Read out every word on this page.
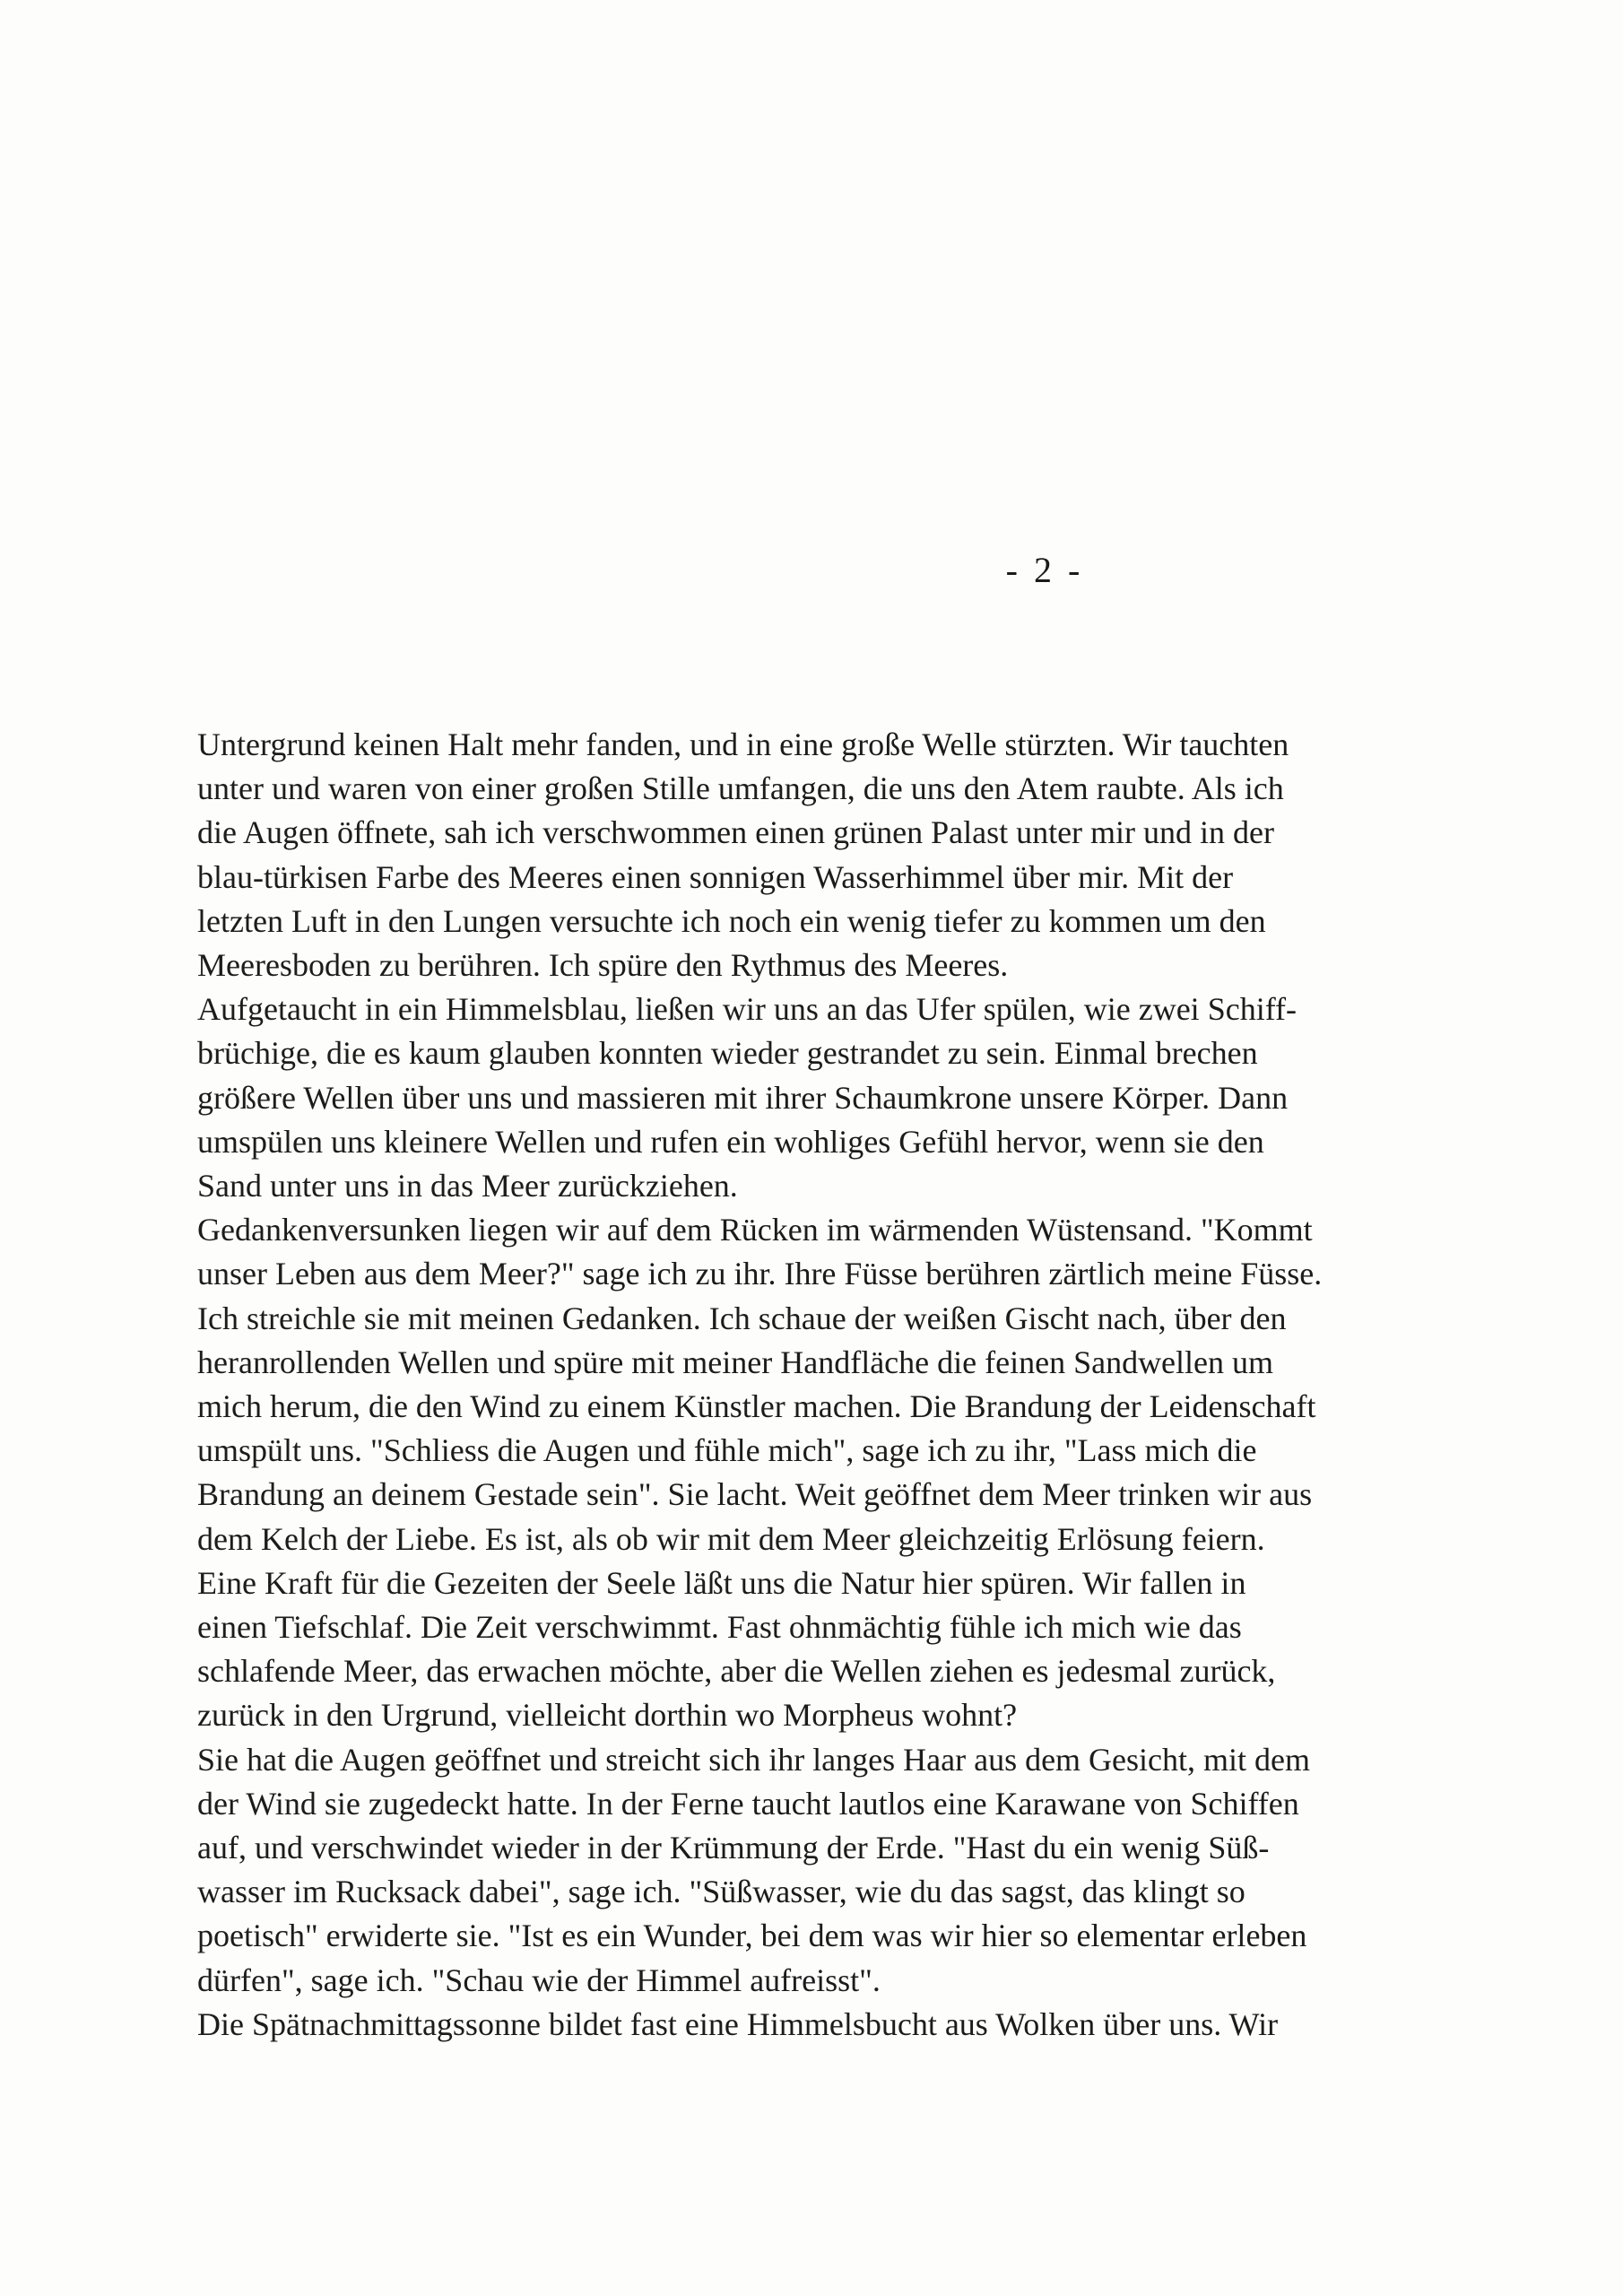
- 2 -

Untergrund keinen Halt mehr fanden, und in eine große Welle stürzten. Wir tauchten
unter und waren von einer großen Stille umfangen, die uns den Atem raubte. Als ich
die Augen öffnete, sah ich verschwommen einen grünen Palast unter mir und in der
blau-türkisen Farbe des Meeres einen sonnigen Wasserhimmel über mir. Mit der
letzten Luft in den Lungen versuchte ich noch ein wenig tiefer zu kommen um den
Meeresboden zu berühren. Ich spüre den Rythmus des Meeres.
Aufgetaucht in ein Himmelsblau, ließen wir uns an das Ufer spülen, wie zwei Schiff-
brüchige, die es kaum glauben konnten wieder gestrandet zu sein. Einmal brechen
größere Wellen über uns und massieren mit ihrer Schaumkrone unsere Körper. Dann
umspülen uns kleinere Wellen und rufen ein wohliges Gefühl hervor, wenn sie den
Sand unter uns in das Meer zurückziehen.
Gedankenversunken liegen wir auf dem Rücken im wärmenden Wüstensand. "Kommt
unser Leben aus dem Meer?" sage ich zu ihr. Ihre Füsse berühren zärtlich meine Füsse.
Ich streichle sie mit meinen Gedanken. Ich schaue der weißen Gischt nach, über den
heranrollenden Wellen und spüre mit meiner Handfläche die feinen Sandwellen um
mich herum, die den Wind zu einem Künstler machen. Die Brandung der Leidenschaft
umspült uns. "Schliess die Augen und fühle mich", sage ich zu ihr, "Lass mich die
Brandung an deinem Gestade sein". Sie lacht. Weit geöffnet dem Meer trinken wir aus
dem Kelch der Liebe. Es ist, als ob wir mit dem Meer gleichzeitig Erlösung feiern.
Eine Kraft für die Gezeiten der Seele läßt uns die Natur hier spüren. Wir fallen in
einen Tiefschlaf. Die Zeit verschwimmt. Fast ohnmächtig fühle ich mich wie das
schlafende Meer, das erwachen möchte, aber die Wellen ziehen es jedesmal zurück,
zurück in den Urgrund, vielleicht dorthin wo Morpheus wohnt?
Sie hat die Augen geöffnet und streicht sich ihr langes Haar aus dem Gesicht, mit dem
der Wind sie zugedeckt hatte. In der Ferne taucht lautlos eine Karawane von Schiffen
auf, und verschwindet wieder in der Krümmung der Erde. "Hast du ein wenig Süß-
wasser im Rucksack dabei", sage ich. "Süßwasser, wie du das sagst, das klingt so
poetisch" erwiderte sie. "Ist es ein Wunder, bei dem was wir hier so elementar erleben
dürfen", sage ich. "Schau wie der Himmel aufreisst".
Die Spätnachmittagssonne bildet fast eine Himmelsbucht aus Wolken über uns. Wir
